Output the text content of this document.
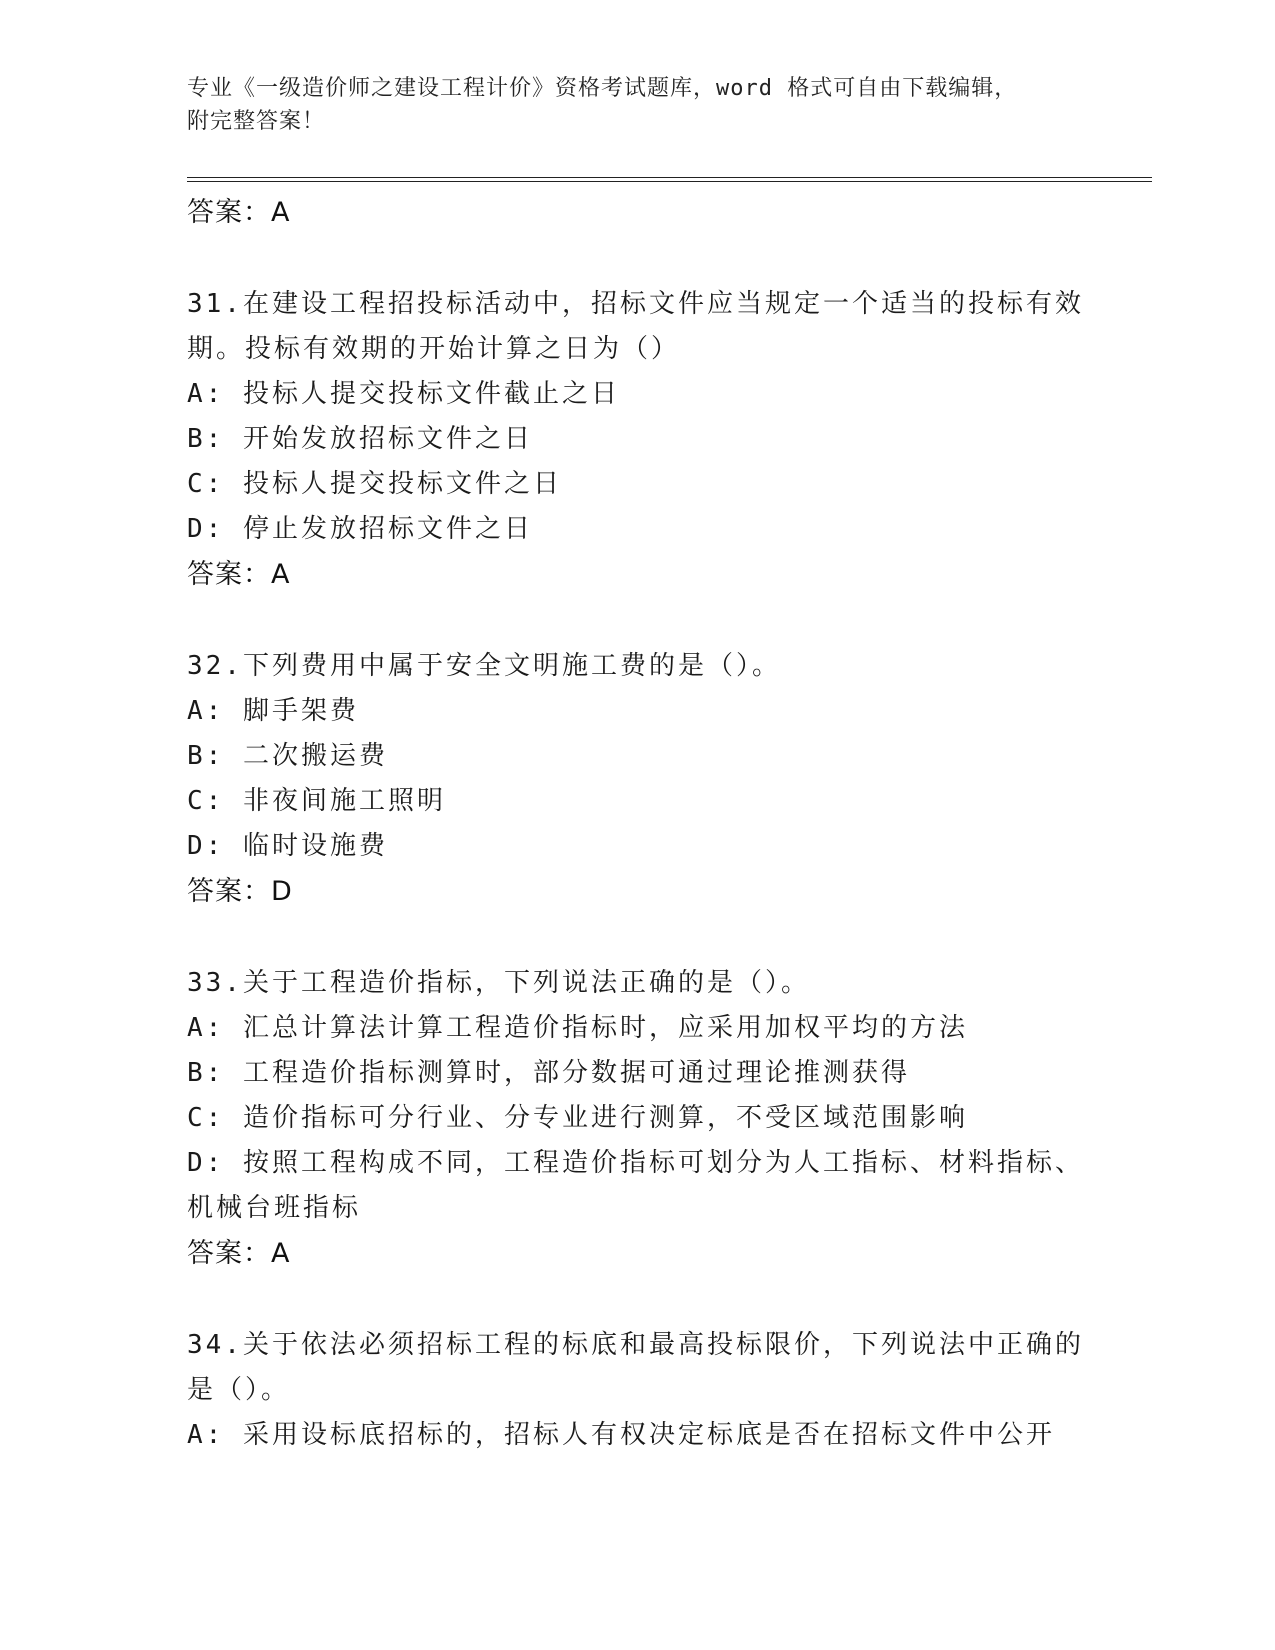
专业《一级造价师之建设工程计价》资格考试题库，word 格式可自由下载编辑，
附完整答案！
答案：A
31.在建设工程招投标活动中，招标文件应当规定一个适当的投标有效
期。投标有效期的开始计算之日为（）
A: 投标人提交投标文件截止之日
B: 开始发放招标文件之日
C: 投标人提交投标文件之日
D: 停止发放招标文件之日
答案：A
32.下列费用中属于安全文明施工费的是（）。
A: 脚手架费
B: 二次搬运费
C: 非夜间施工照明
D: 临时设施费
答案：D
33.关于工程造价指标，下列说法正确的是（）。
A: 汇总计算法计算工程造价指标时，应采用加权平均的方法
B: 工程造价指标测算时，部分数据可通过理论推测获得
C: 造价指标可分行业、分专业进行测算，不受区域范围影响
D: 按照工程构成不同，工程造价指标可划分为人工指标、材料指标、
机械台班指标
答案：A
34.关于依法必须招标工程的标底和最高投标限价，下列说法中正确的
是（）。
A: 采用设标底招标的，招标人有权决定标底是否在招标文件中公开
